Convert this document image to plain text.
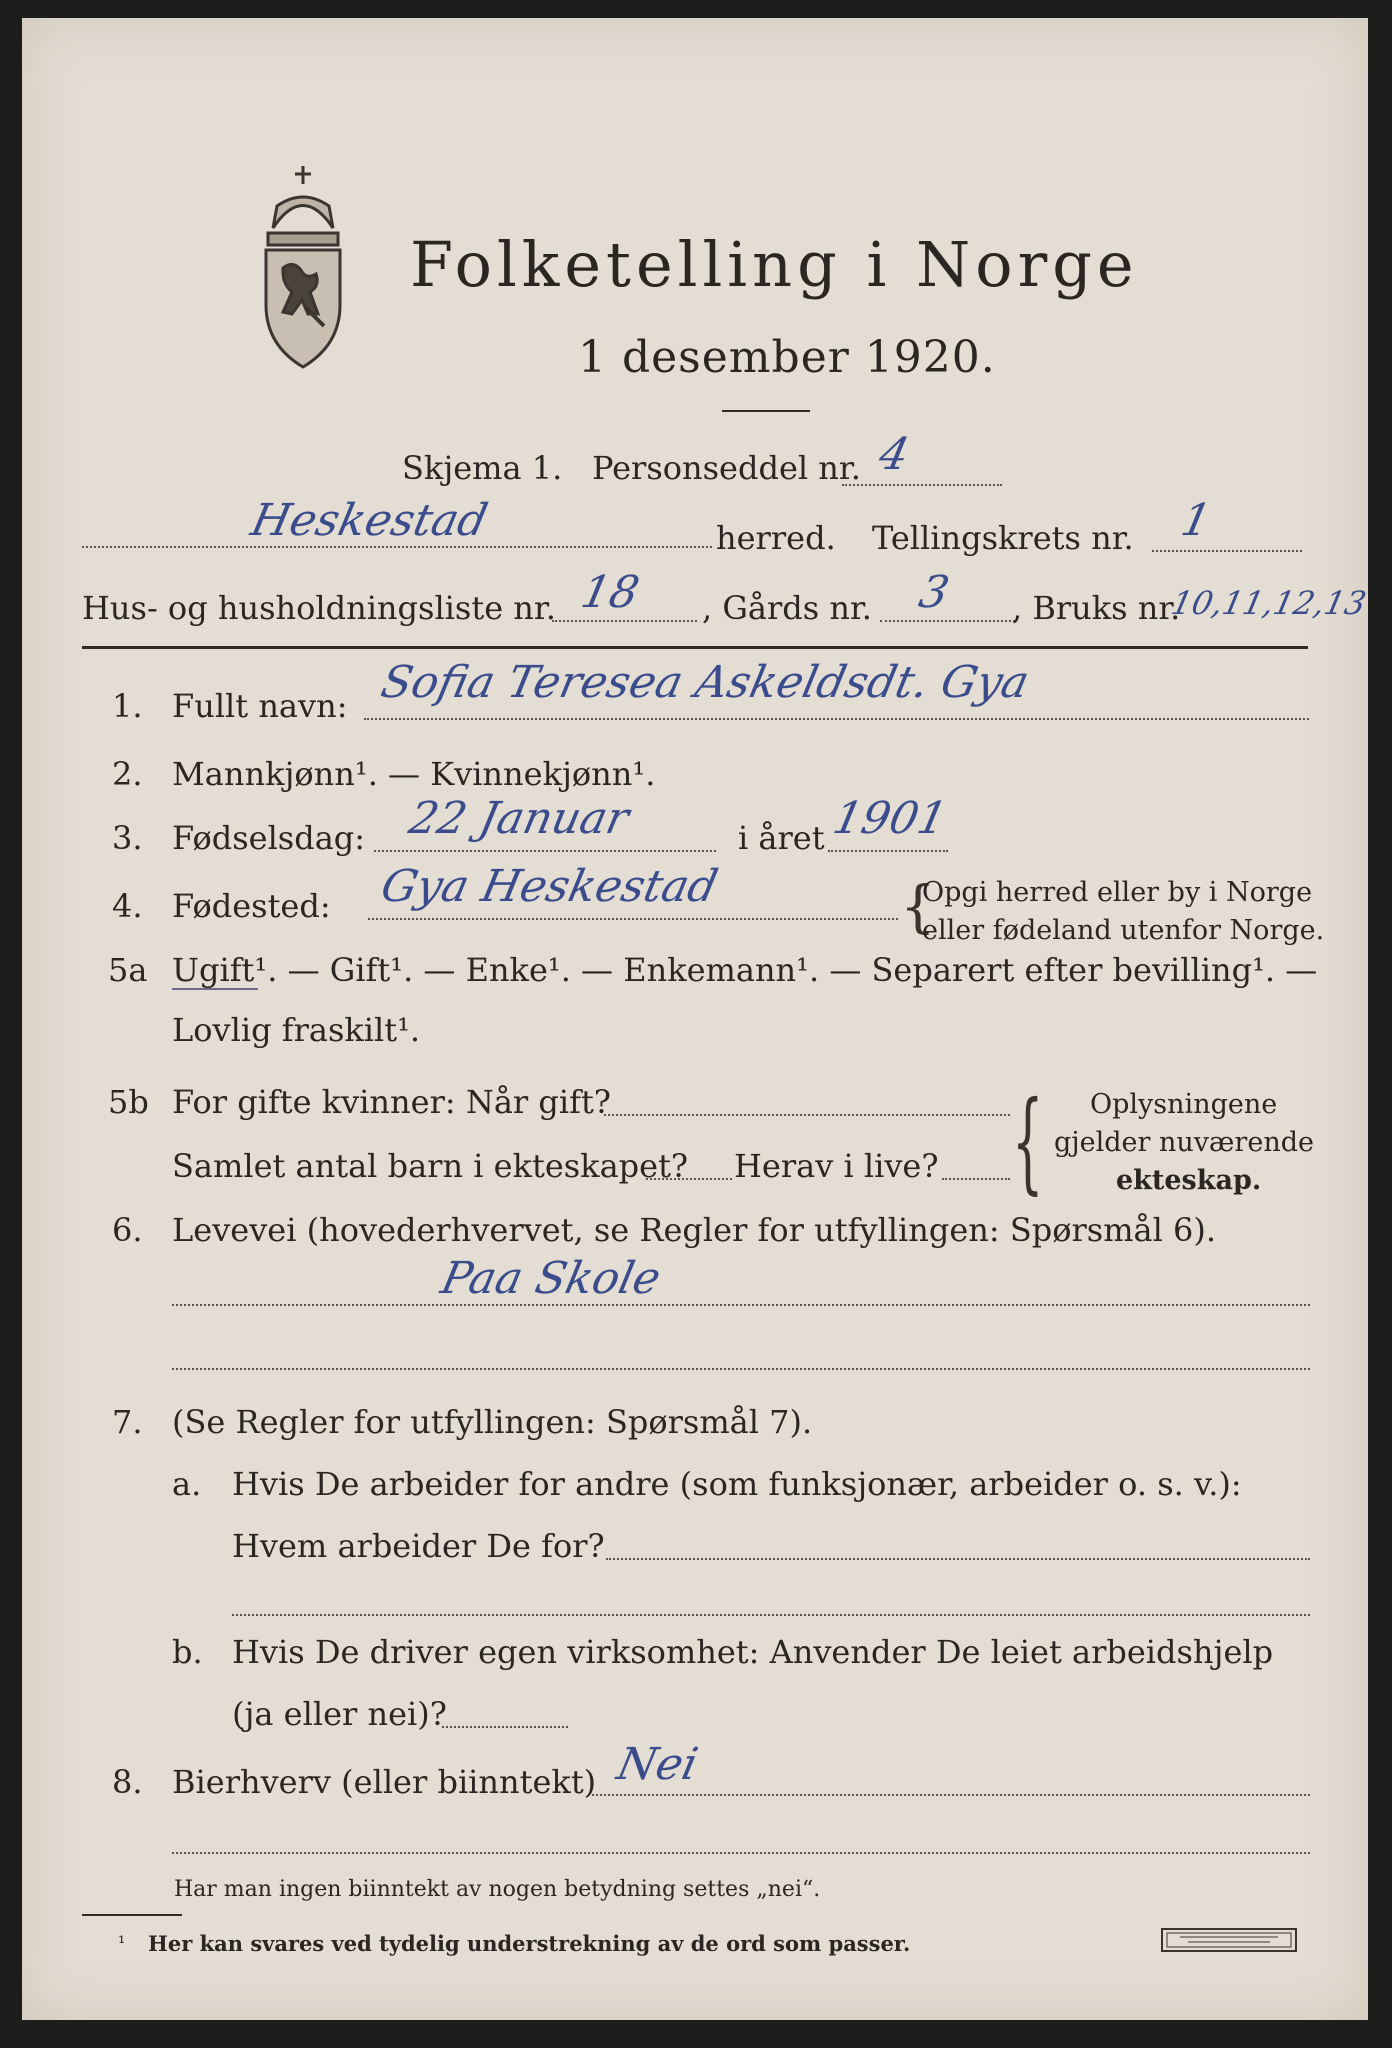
Folketelling i Norge
1 desember 1920.
Skjema 1. Personseddel nr. 4
Heskestad	herred. Tellingskrets nr. 1
Hus- og husholdningsliste nr. 18 , Gårds nr. 3 , Bruks nr.
10,11,12,13
1. Fullt navn: Sofia Teresea Askeldsdt. Gya
2. Mannkjønn¹. — Kvinnekjønn¹.
3. Fødselsdag: 22 Januar	i året 1901
4. Fødested: Gya Heskestad	{
Opgi herred eller by i Norge
eller fødeland utenfor Norge.
5a Ugift¹. — Gift¹. — Enke¹. — Enkemann¹. — Separert efter bevilling¹. —
Lovlig fraskilt¹.
5b For gifte kvinner: Når gift?
Samlet antal barn i ekteskapet? Herav i live? { Oplysningene
gjelder nuværende
ekteskap.
6. Levevei (hovederhvervet, se Regler for utfyllingen: Spørsmål 6).
Paa Skole
7. (Se Regler for utfyllingen: Spørsmål 7).
a. Hvis De arbeider for andre (som funksjonær, arbeider o. s. v.):
Hvem arbeider De for?
b. Hvis De driver egen virksomhet: Anvender De leiet arbeidshjelp
(ja eller nei)?
8. Bierhverv (eller biinntekt) Nei
Har man ingen biinntekt av nogen betydning settes „nei“.
¹ Her kan svares ved tydelig understrekning av de ord som passer.
